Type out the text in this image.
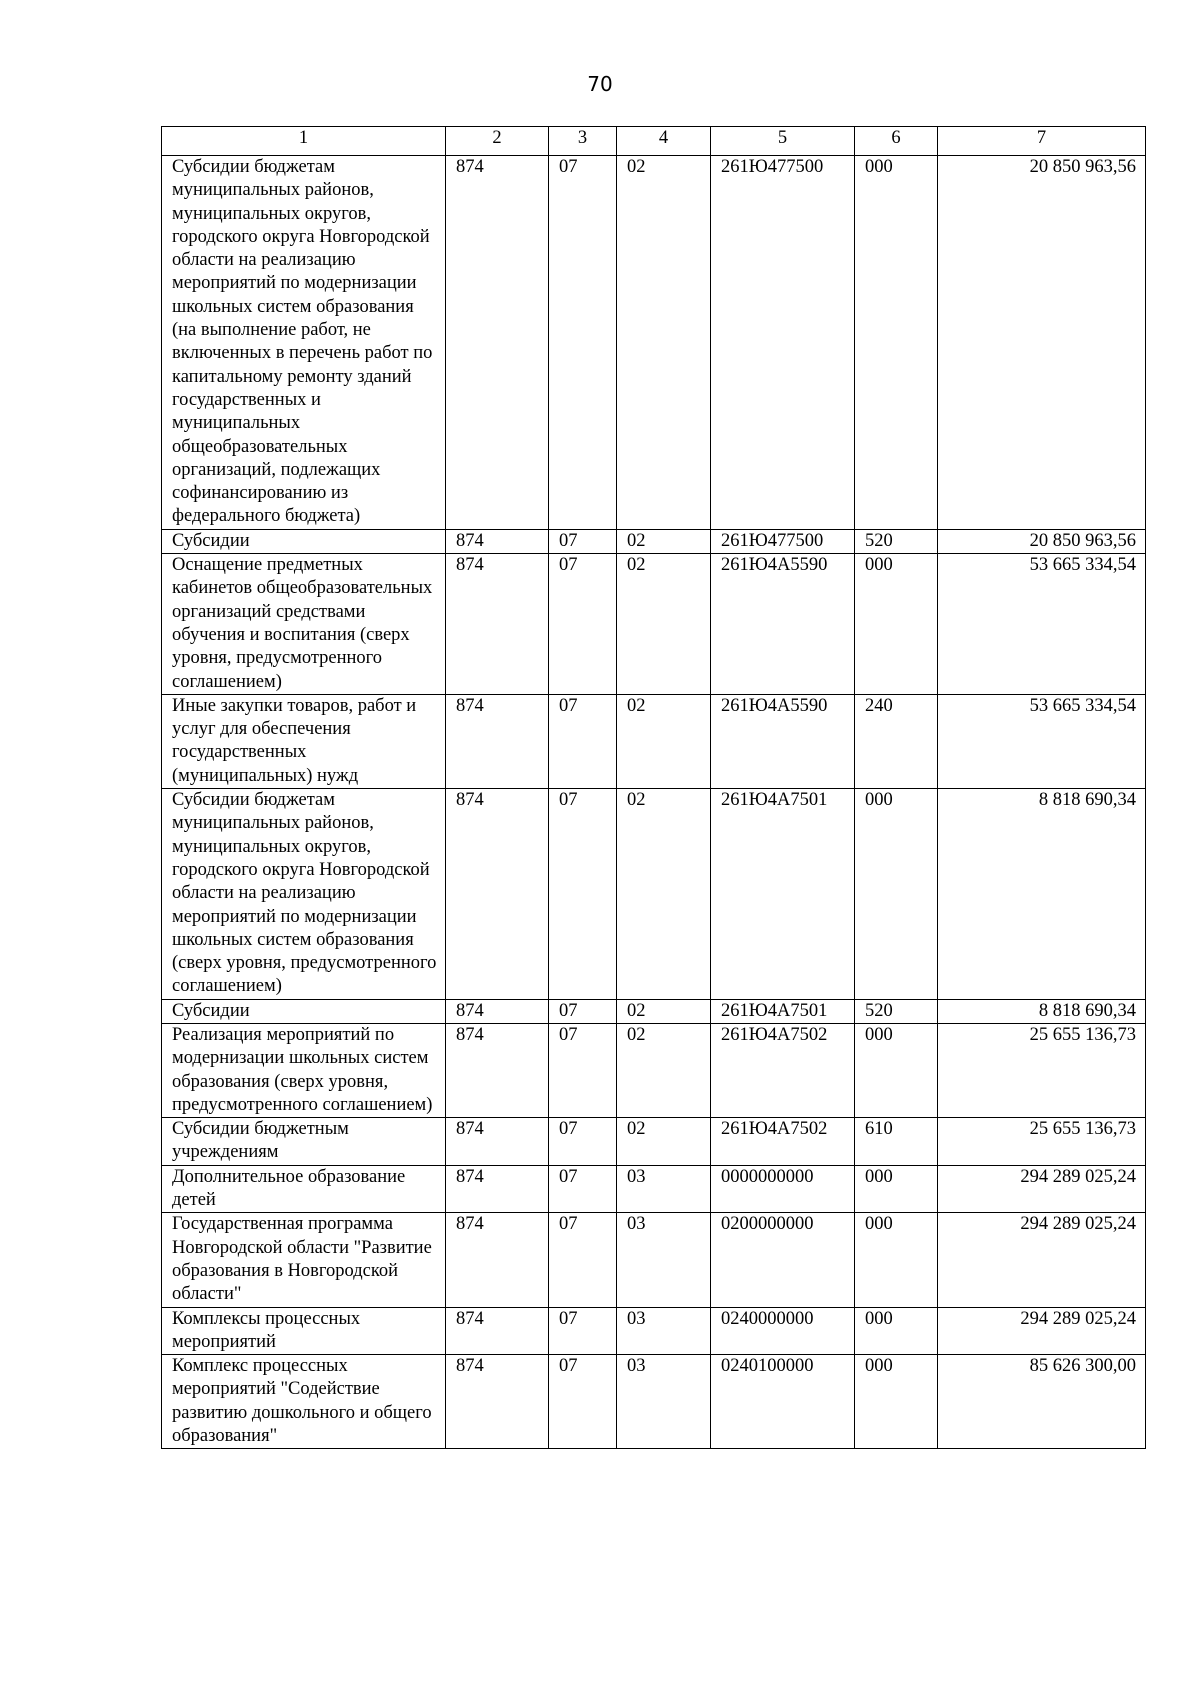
70
1	2	3	4	5	6	7
Субсидии бюджетам муниципальных районов, муниципальных округов, городского округа Новгородской области на реализацию мероприятий по модернизации школьных систем образования (на выполнение работ, не включенных в перечень работ по капитальному ремонту зданий государственных и муниципальных общеобразовательных организаций, подлежащих софинансированию из федерального бюджета)	874	07	02	261Ю477500	000	20 850 963,56
Субсидии	874	07	02	261Ю477500	520	20 850 963,56
Оснащение предметных кабинетов общеобразовательных организаций средствами обучения и воспитания (сверх уровня, предусмотренного соглашением)	874	07	02	261Ю4А5590	000	53 665 334,54
Иные закупки товаров, работ и услуг для обеспечения государственных (муниципальных) нужд	874	07	02	261Ю4А5590	240	53 665 334,54
Субсидии бюджетам муниципальных районов, муниципальных округов, городского округа Новгородской области на реализацию мероприятий по модернизации школьных систем образования (сверх уровня, предусмотренного соглашением)	874	07	02	261Ю4А7501	000	8 818 690,34
Субсидии	874	07	02	261Ю4А7501	520	8 818 690,34
Реализация мероприятий по модернизации школьных систем образования (сверх уровня, предусмотренного соглашением)	874	07	02	261Ю4А7502	000	25 655 136,73
Субсидии бюджетным учреждениям	874	07	02	261Ю4А7502	610	25 655 136,73
Дополнительное образование детей	874	07	03	0000000000	000	294 289 025,24
Государственная программа Новгородской области "Развитие образования в Новгородской области"	874	07	03	0200000000	000	294 289 025,24
Комплексы процессных мероприятий	874	07	03	0240000000	000	294 289 025,24
Комплекс процессных мероприятий "Содействие развитию дошкольного и общего образования"	874	07	03	0240100000	000	85 626 300,00
